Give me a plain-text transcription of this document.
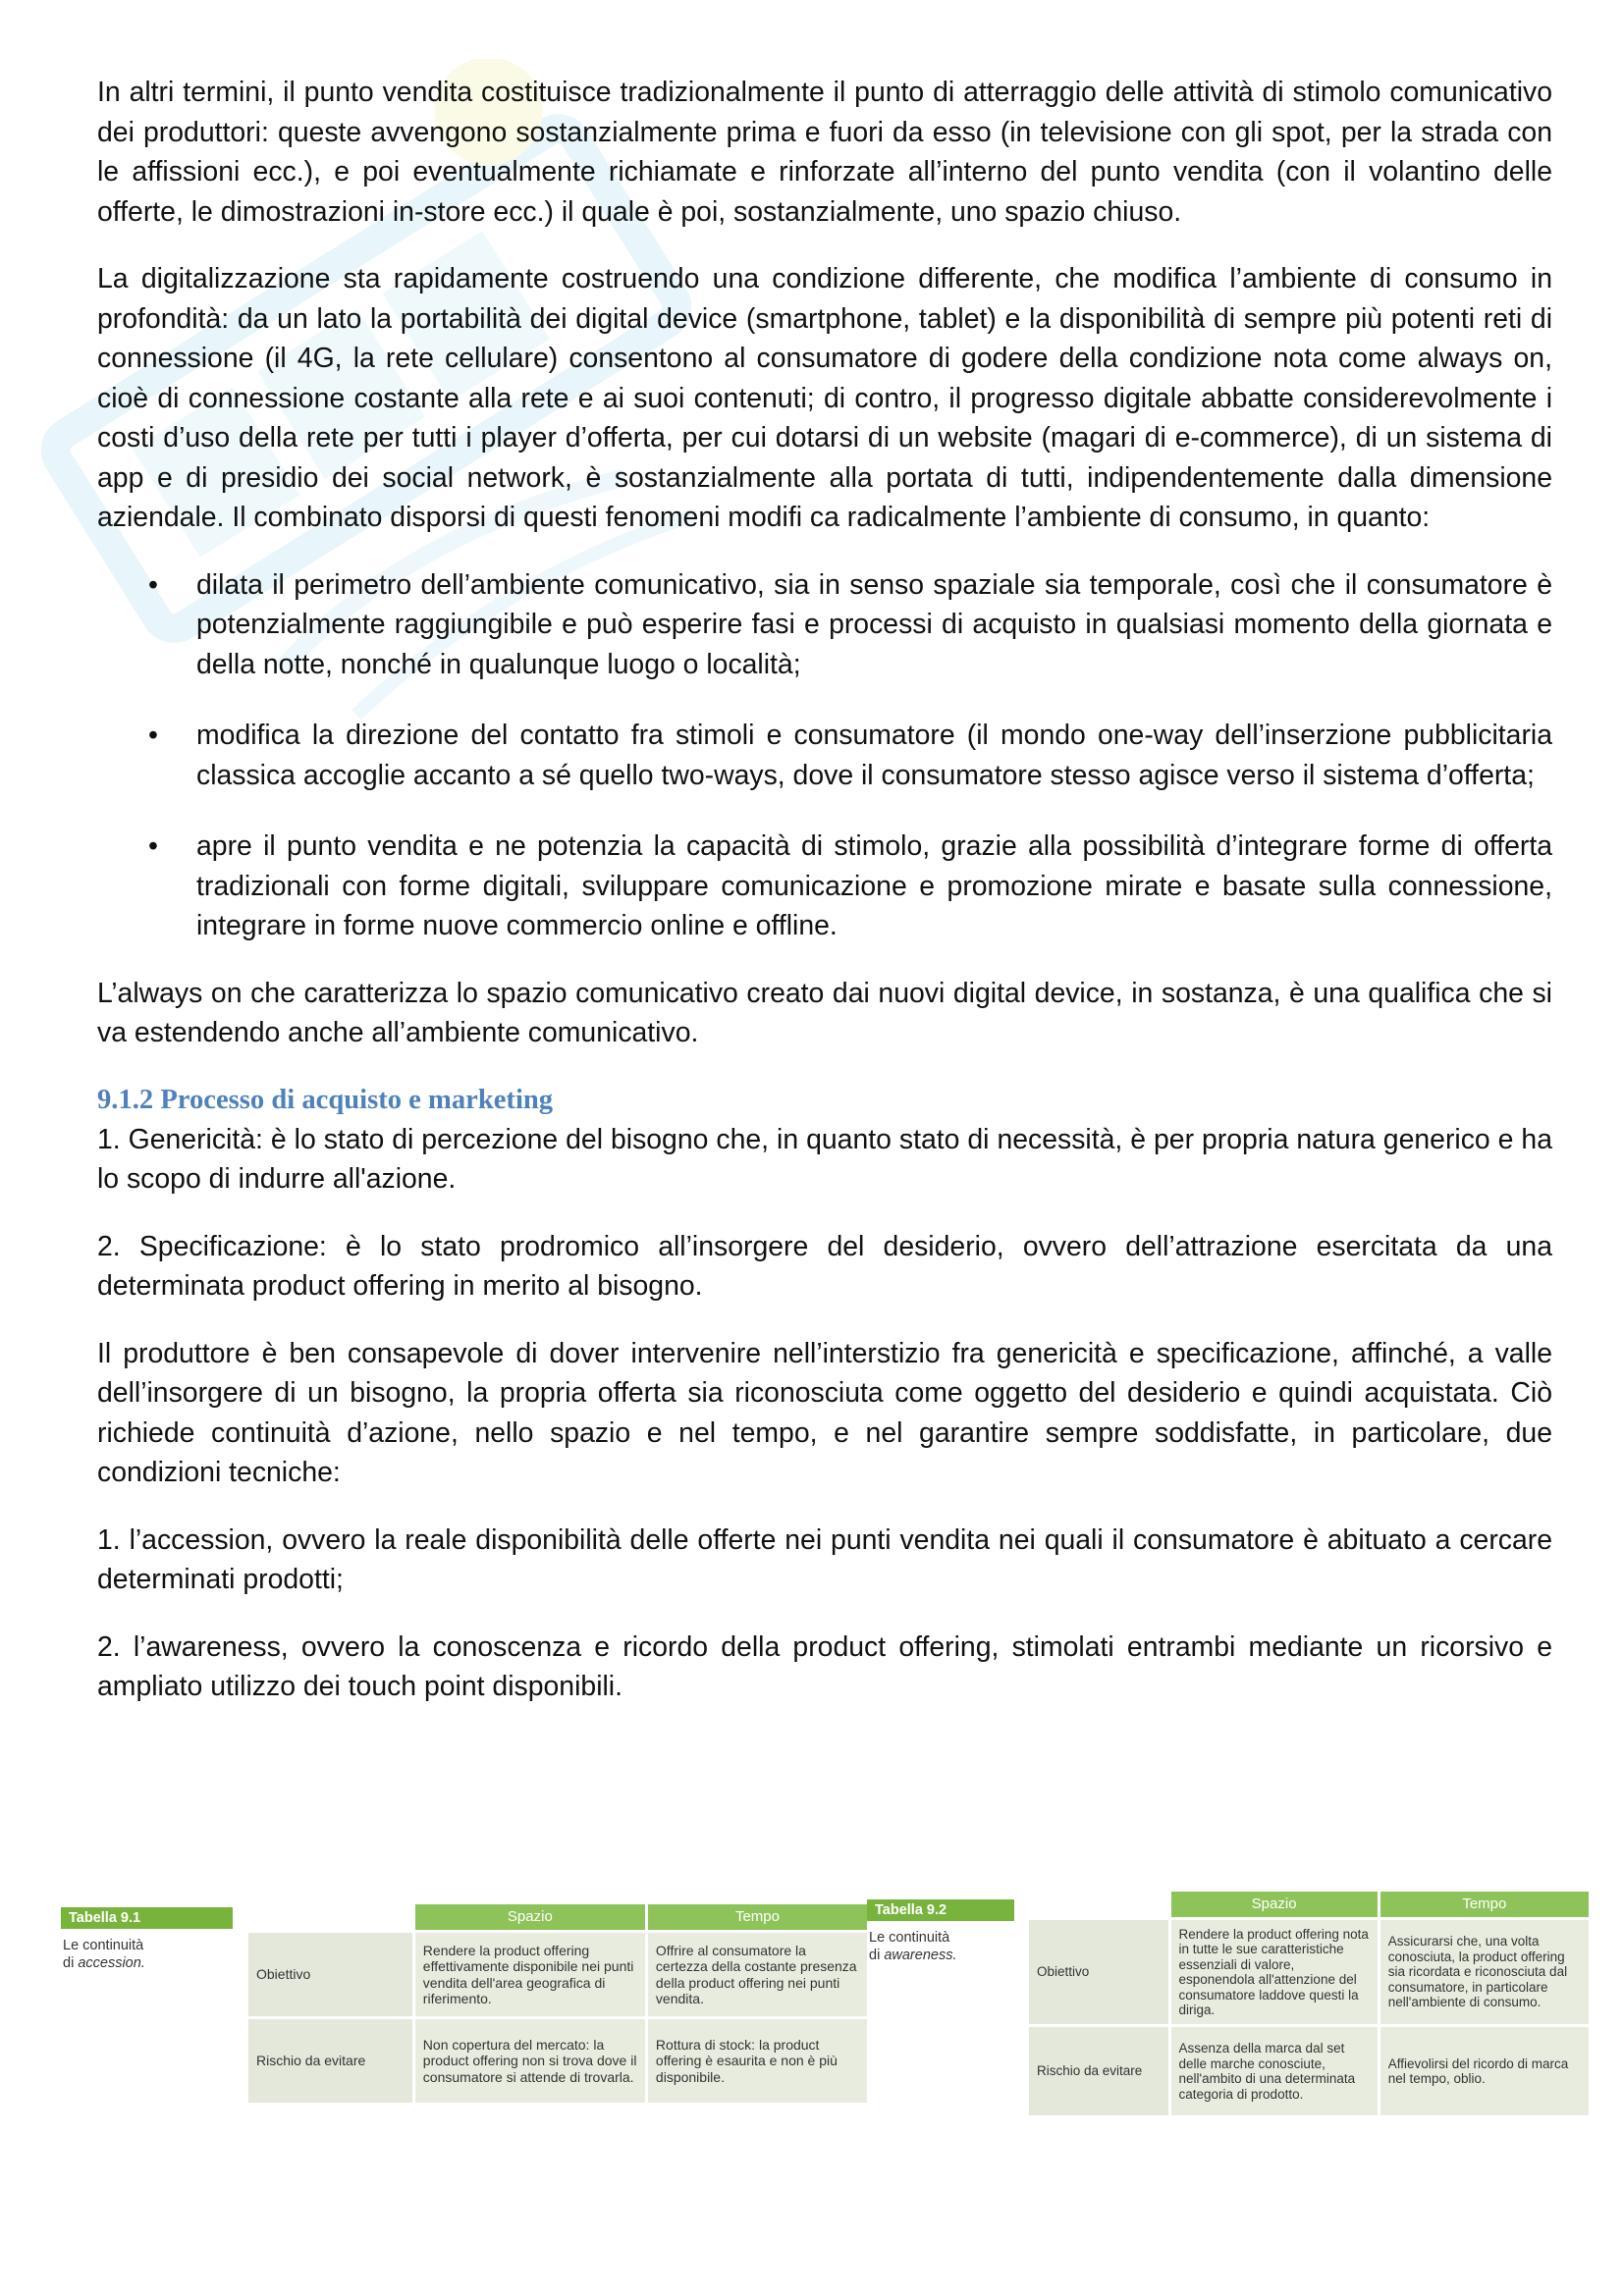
In altri termini, il punto vendita costituisce tradizionalmente il punto di atterraggio delle attività di stimolo comunicativo dei produttori: queste avvengono sostanzialmente prima e fuori da esso (in televisione con gli spot, per la strada con le affissioni ecc.), e poi eventualmente richiamate e rinforzate all’interno del punto vendita (con il volantino delle offerte, le dimostrazioni in-store ecc.) il quale è poi, sostanzialmente, uno spazio chiuso.

La digitalizzazione sta rapidamente costruendo una condizione differente, che modifica l’ambiente di consumo in profondità: da un lato la portabilità dei digital device (smartphone, tablet) e la disponibilità di sempre più potenti reti di connessione (il 4G, la rete cellulare) consentono al consumatore di godere della condizione nota come always on, cioè di connessione costante alla rete e ai suoi contenuti; di contro, il progresso digitale abbatte considerevolmente i costi d’uso della rete per tutti i player d’offerta, per cui dotarsi di un website (magari di e-commerce), di un sistema di app e di presidio dei social network, è sostanzialmente alla portata di tutti, indipendentemente dalla dimensione aziendale. Il combinato disporsi di questi fenomeni modifi ca radicalmente l’ambiente di consumo, in quanto:

• dilata il perimetro dell’ambiente comunicativo, sia in senso spaziale sia temporale, così che il consumatore è potenzialmente raggiungibile e può esperire fasi e processi di acquisto in qualsiasi momento della giornata e della notte, nonché in qualunque luogo o località;
• modifica la direzione del contatto fra stimoli e consumatore (il mondo one-way dell’inserzione pubblicitaria classica accoglie accanto a sé quello two-ways, dove il consumatore stesso agisce verso il sistema d’offerta;
• apre il punto vendita e ne potenzia la capacità di stimolo, grazie alla possibilità d’integrare forme di offerta tradizionali con forme digitali, sviluppare comunicazione e promozione mirate e basate sulla connessione, integrare in forme nuove commercio online e offline.

L’always on che caratterizza lo spazio comunicativo creato dai nuovi digital device, in sostanza, è una qualifica che si va estendendo anche all’ambiente comunicativo.

9.1.2 Processo di acquisto e marketing

1. Genericità: è lo stato di percezione del bisogno che, in quanto stato di necessità, è per propria natura generico e ha lo scopo di indurre all'azione.

2. Specificazione: è lo stato prodromico all’insorgere del desiderio, ovvero dell’attrazione esercitata da una determinata product offering in merito al bisogno.

Il produttore è ben consapevole di dover intervenire nell’interstizio fra genericità e specificazione, affinché, a valle dell’insorgere di un bisogno, la propria offerta sia riconosciuta come oggetto del desiderio e quindi acquistata. Ciò richiede continuità d’azione, nello spazio e nel tempo, e nel garantire sempre soddisfatte, in particolare, due condizioni tecniche:

1. l’accession, ovvero la reale disponibilità delle offerte nei punti vendita nei quali il consumatore è abituato a cercare determinati prodotti;

2. l’awareness, ovvero la conoscenza e ricordo della product offering, stimolati entrambi mediante un ricorsivo e ampliato utilizzo dei touch point disponibili.

Tabella 9.1
Le continuità
di accession.
	Spazio	Tempo
Obiettivo	Rendere la product offering effettivamente disponibile nei punti vendita dell'area geografica di riferimento.	Offrire al consumatore la certezza della costante presenza della product offering nei punti vendita.
Rischio da evitare	Non copertura del mercato: la product offering non si trova dove il consumatore si attende di trovarla.	Rottura di stock: la product offering è esaurita e non è più disponibile.
Tabella 9.2
Le continuità
di awareness.
	Spazio	Tempo
Obiettivo	Rendere la product offering nota in tutte le sue caratteristiche essenziali di valore, esponendola all'attenzione del consumatore laddove questi la diriga.	Assicurarsi che, una volta conosciuta, la product offering sia ricordata e riconosciuta dal consumatore, in particolare nell'ambiente di consumo.
Rischio da evitare	Assenza della marca dal set delle marche conosciute, nell'ambito di una determinata categoria di prodotto.	Affievolirsi del ricordo di marca nel tempo, oblio.
